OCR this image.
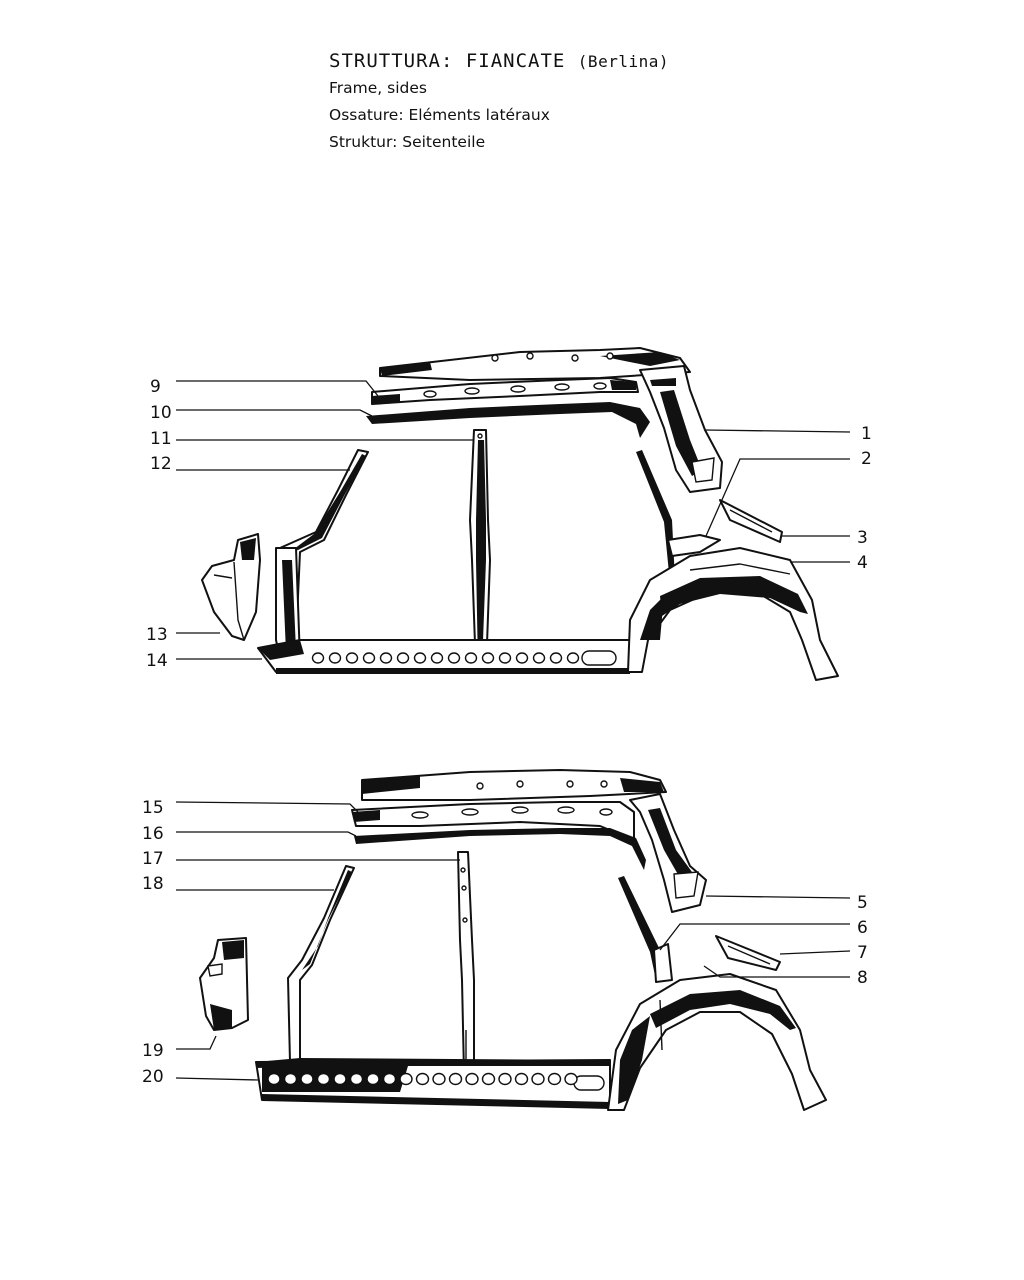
STRUTTURA: FIANCATE (Berlina)
Frame, sides
Ossature: Eléments latéraux
Struktur: Seitenteile
9
10
11
12
13
14
1
2
3
4
15
16
17
18
19
20
5
6
7
8
